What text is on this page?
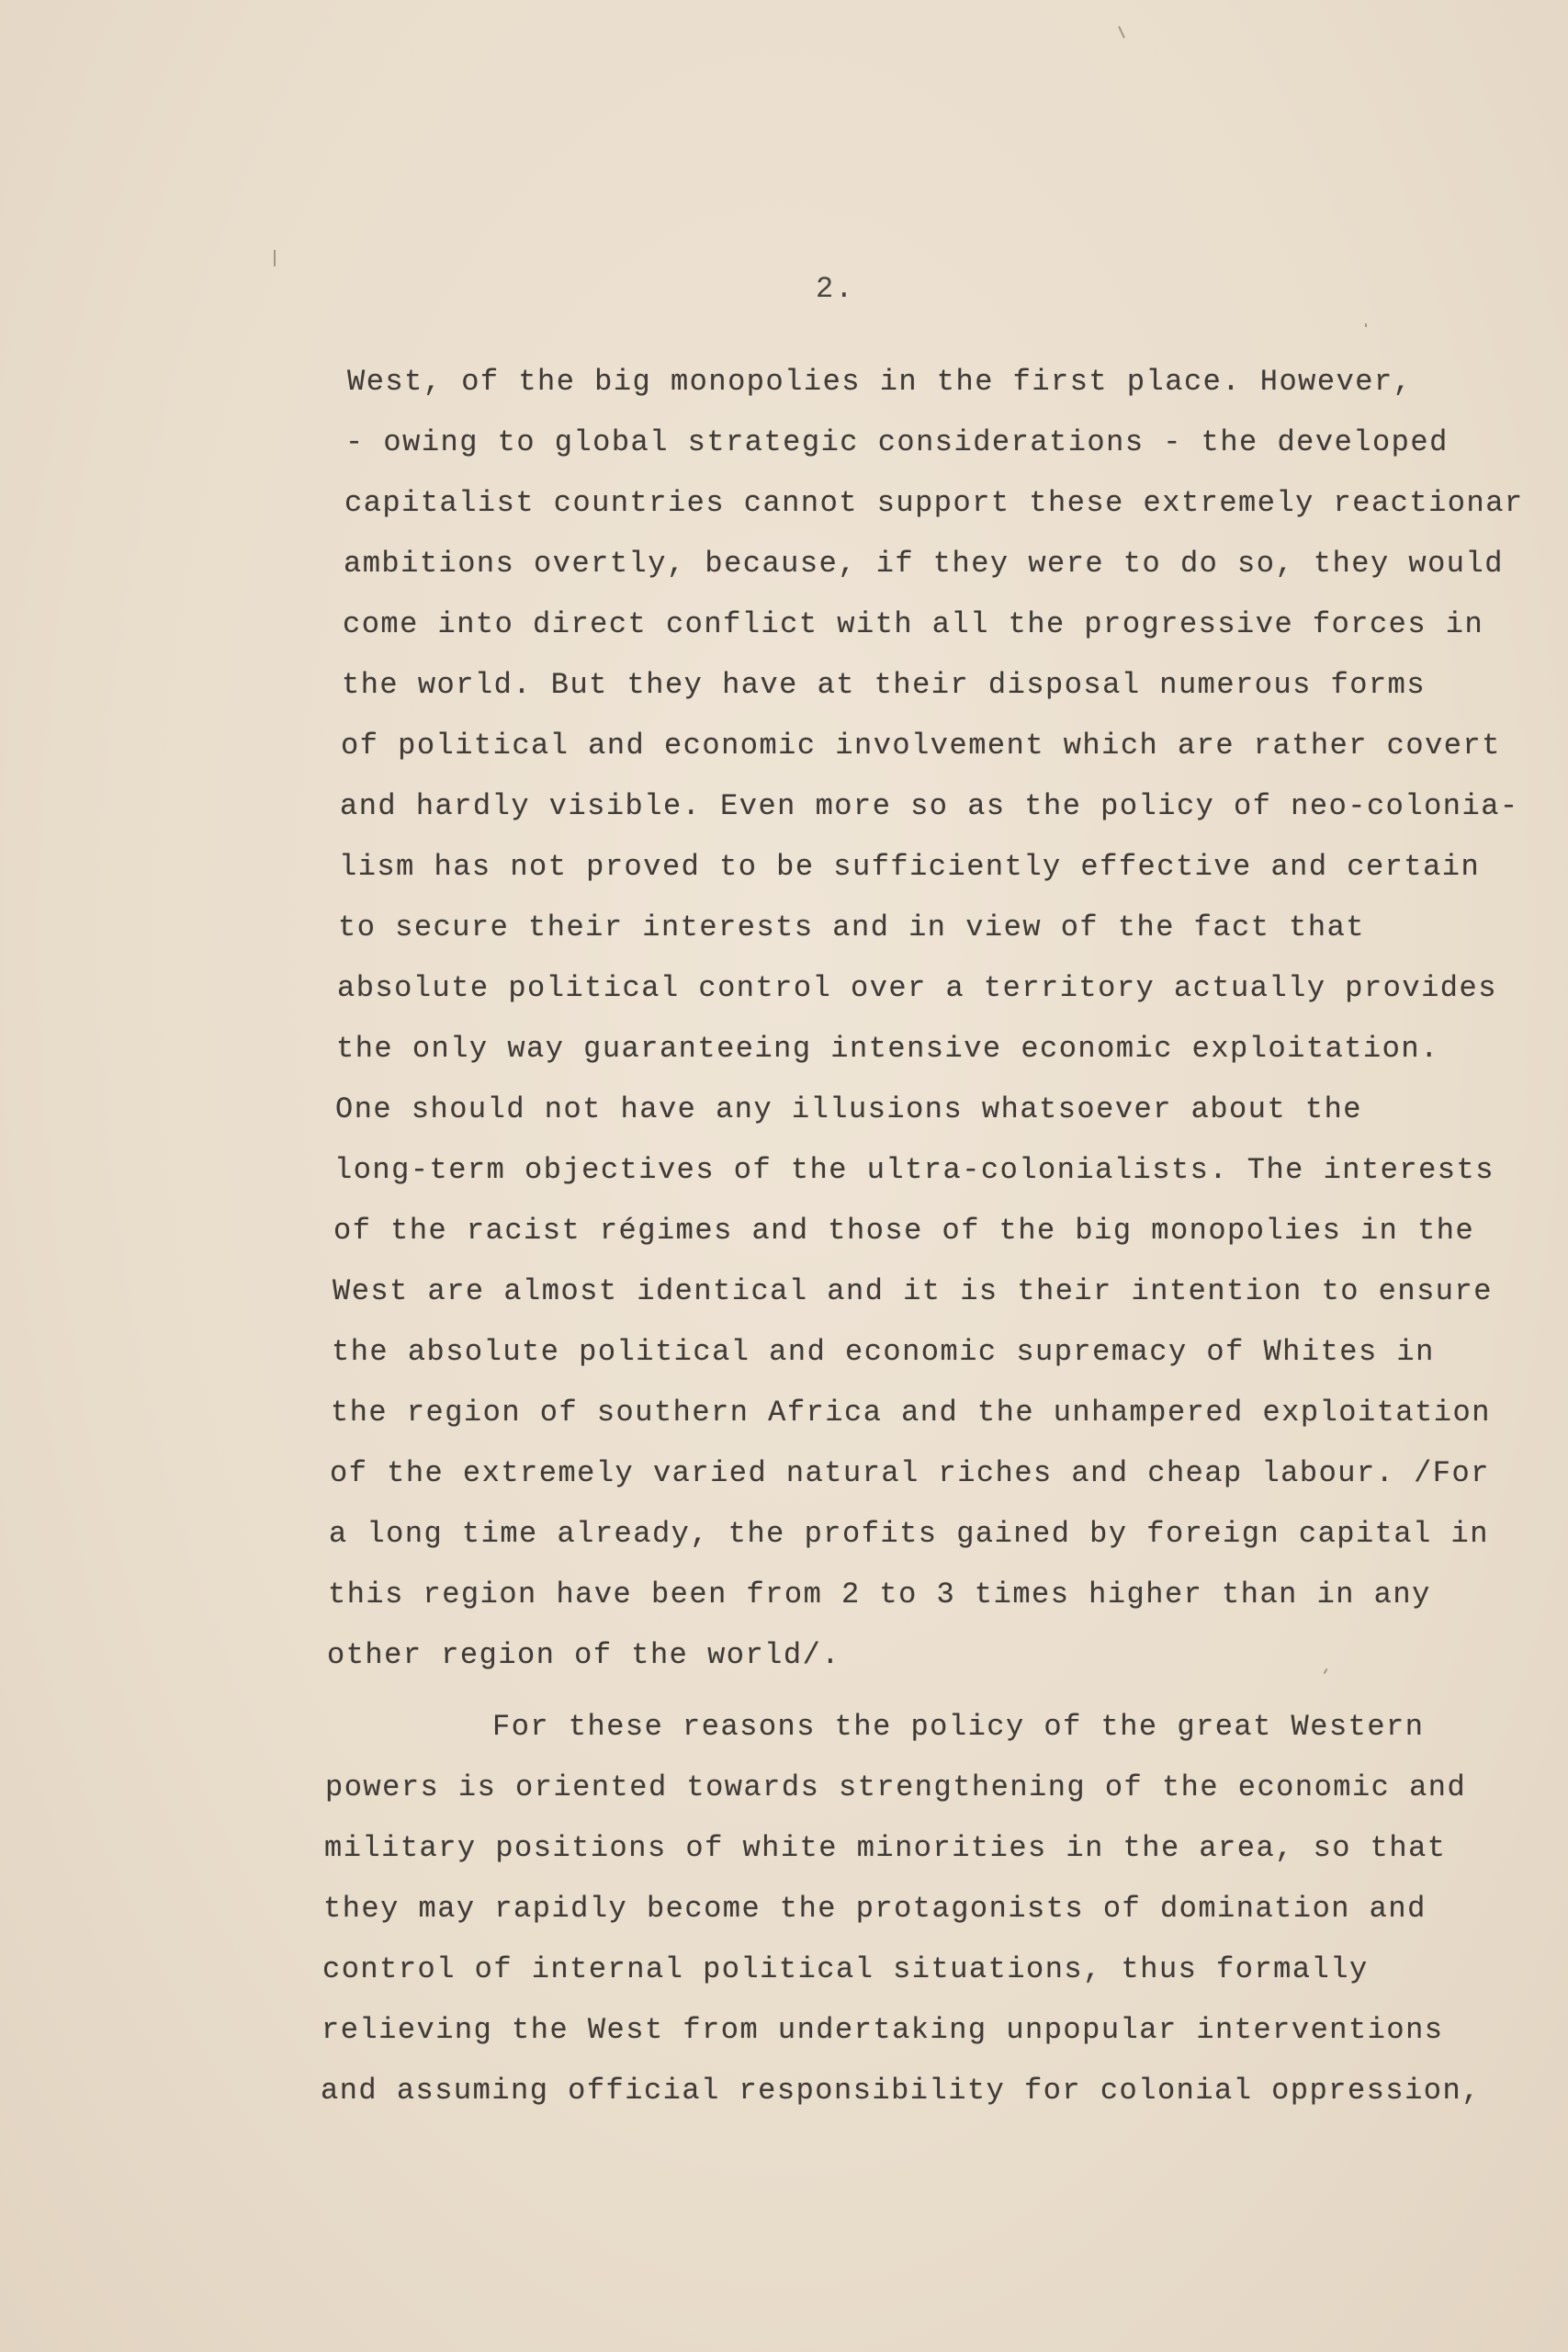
2.
West, of the big monopolies in the first place. However,
- owing to global strategic considerations - the developed
capitalist countries cannot support these extremely reactionar
ambitions overtly, because, if they were to do so, they would
come into direct conflict with all the progressive forces in
the world. But they have at their disposal numerous forms
of political and economic involvement which are rather covert
and hardly visible. Even more so as the policy of neo-colonia-
lism has not proved to be sufficiently effective and certain
to secure their interests and in view of the fact that
absolute political control over a territory actually provides
the only way guaranteeing intensive economic exploitation.
One should not have any illusions whatsoever about the
long-term objectives of the ultra-colonialists. The interests
of the racist régimes and those of the big monopolies in the
West are almost identical and it is their intention to ensure
the absolute political and economic supremacy of Whites in
the region of southern Africa and the unhampered exploitation
of the extremely varied natural riches and cheap labour. /For
a long time already, the profits gained by foreign capital in
this region have been from 2 to 3 times higher than in any
other region of the world/.
For these reasons the policy of the great Western
powers is oriented towards strengthening of the economic and
military positions of white minorities in the area, so that
they may rapidly become the protagonists of domination and
control of internal political situations, thus formally
relieving the West from undertaking unpopular interventions
and assuming official responsibility for colonial oppression,
